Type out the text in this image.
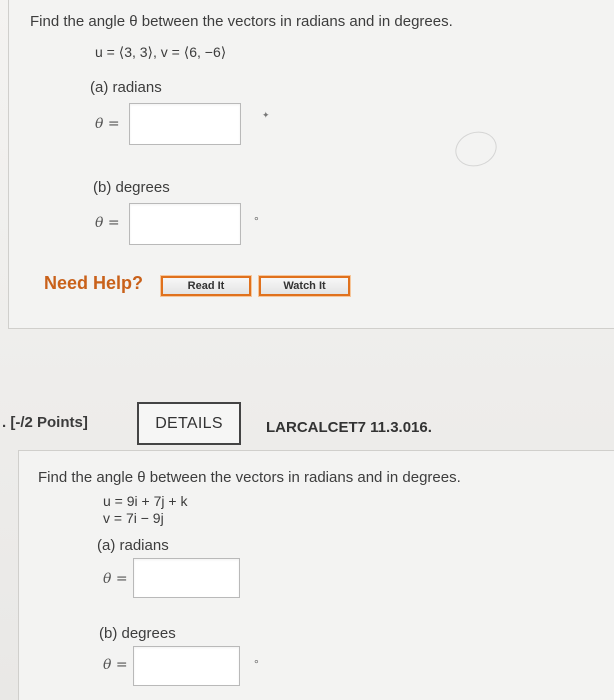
Find the angle θ between the vectors in radians and in degrees.
u = ⟨3, 3⟩, v = ⟨6, −6⟩
(a) radians
θ =
✦
(b) degrees
θ =	°
Need Help?	Read It	Watch It
. [-/2 Points]	DETAILS	LARCALCET7 11.3.016.
Find the angle θ between the vectors in radians and in degrees.
u = 9i + 7j + k
v = 7i − 9j
(a) radians
θ =
(b) degrees
θ =	°
